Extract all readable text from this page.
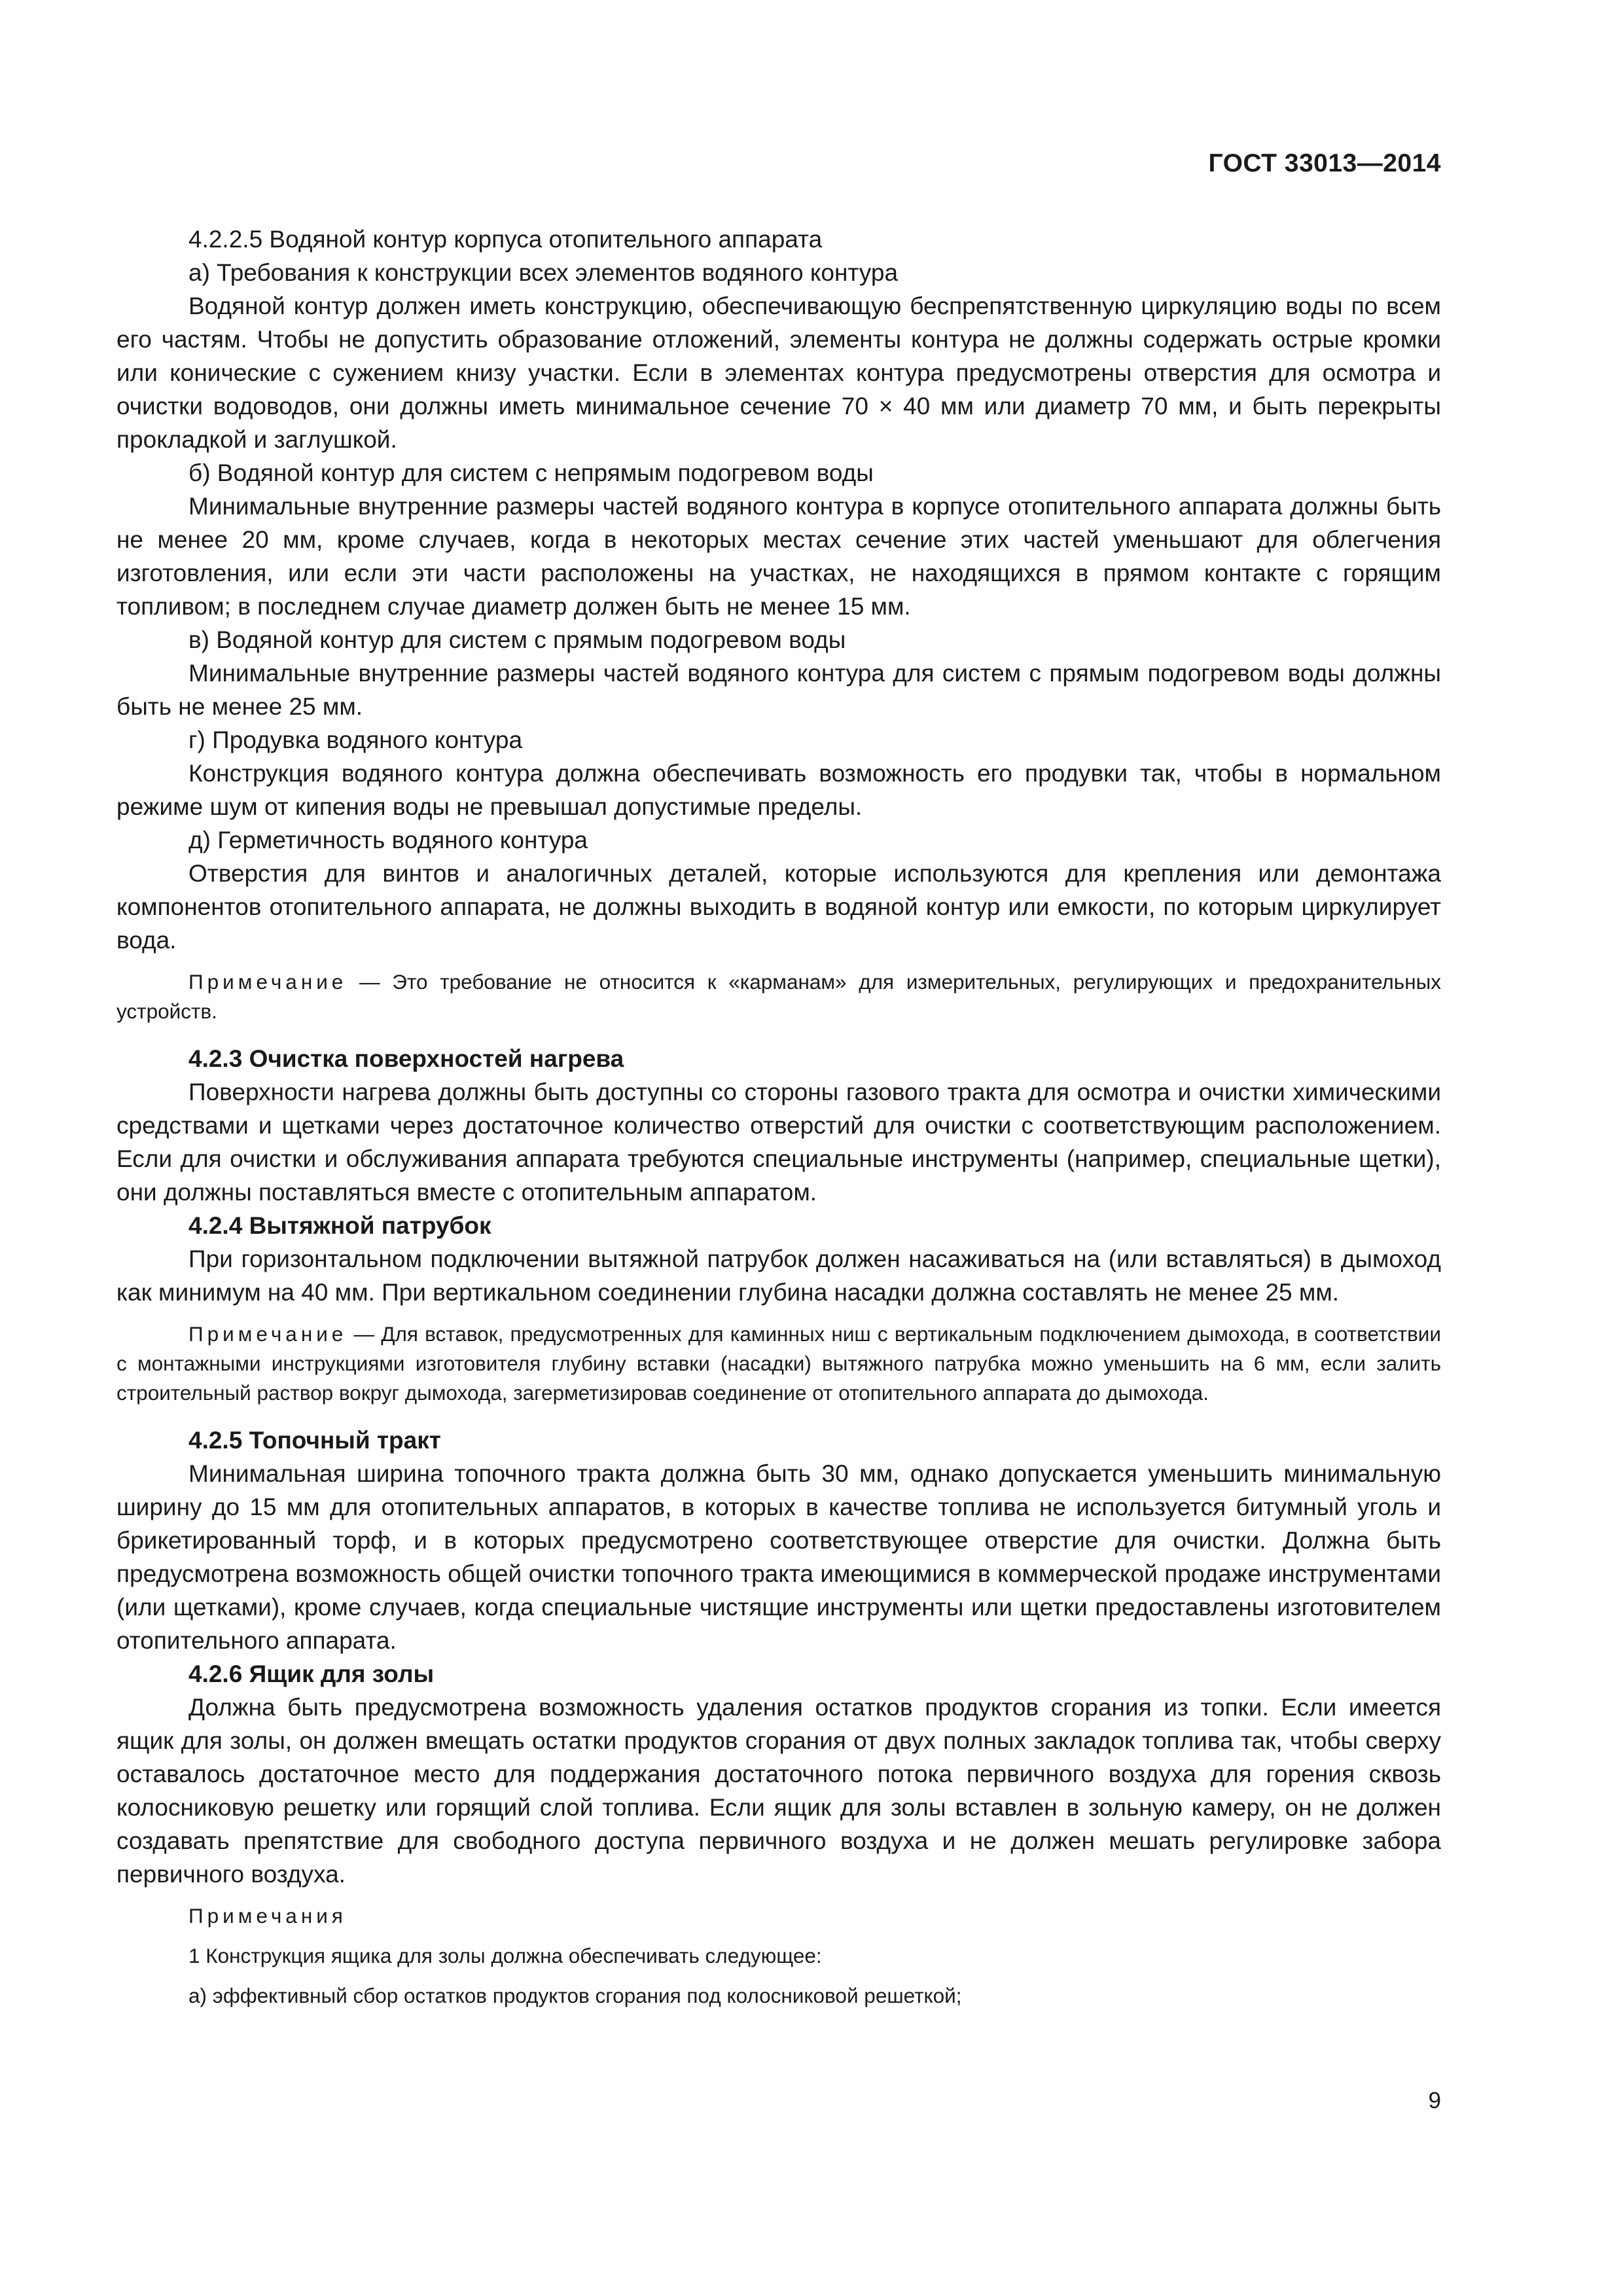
ГОСТ 33013—2014

4.2.2.5 Водяной контур корпуса отопительного аппарата

а) Требования к конструкции всех элементов водяного контура

Водяной контур должен иметь конструкцию, обеспечивающую беспрепятственную циркуляцию воды по всем его частям. Чтобы не допустить образование отложений, элементы контура не должны содержать острые кромки или конические с сужением книзу участки. Если в элементах контура предусмотрены отверстия для осмотра и очистки водоводов, они должны иметь минимальное сечение 70 × 40 мм или диаметр 70 мм, и быть перекрыты прокладкой и заглушкой.

б) Водяной контур для систем с непрямым подогревом воды

Минимальные внутренние размеры частей водяного контура в корпусе отопительного аппарата должны быть не менее 20 мм, кроме случаев, когда в некоторых местах сечение этих частей уменьшают для облегчения изготовления, или если эти части расположены на участках, не находящихся в прямом контакте с горящим топливом; в последнем случае диаметр должен быть не менее 15 мм.

в) Водяной контур для систем с прямым подогревом воды

Минимальные внутренние размеры частей водяного контура для систем с прямым подогревом воды должны быть не менее 25 мм.

г) Продувка водяного контура

Конструкция водяного контура должна обеспечивать возможность его продувки так, чтобы в нормальном режиме шум от кипения воды не превышал допустимые пределы.

д) Герметичность водяного контура

Отверстия для винтов и аналогичных деталей, которые используются для крепления или демонтажа компонентов отопительного аппарата, не должны выходить в водяной контур или емкости, по которым циркулирует вода.

Примечание — Это требование не относится к «карманам» для измерительных, регулирующих и предохранительных устройств.

4.2.3 Очистка поверхностей нагрева

Поверхности нагрева должны быть доступны со стороны газового тракта для осмотра и очистки химическими средствами и щетками через достаточное количество отверстий для очистки с соответствующим расположением. Если для очистки и обслуживания аппарата требуются специальные инструменты (например, специальные щетки), они должны поставляться вместе с отопительным аппаратом.

4.2.4 Вытяжной патрубок

При горизонтальном подключении вытяжной патрубок должен насаживаться на (или вставляться) в дымоход как минимум на 40 мм. При вертикальном соединении глубина насадки должна составлять не менее 25 мм.

Примечание — Для вставок, предусмотренных для каминных ниш с вертикальным подключением дымохода, в соответствии с монтажными инструкциями изготовителя глубину вставки (насадки) вытяжного патрубка можно уменьшить на 6 мм, если залить строительный раствор вокруг дымохода, загерметизировав соединение от отопительного аппарата до дымохода.

4.2.5 Топочный тракт

Минимальная ширина топочного тракта должна быть 30 мм, однако допускается уменьшить минимальную ширину до 15 мм для отопительных аппаратов, в которых в качестве топлива не используется битумный уголь и брикетированный торф, и в которых предусмотрено соответствующее отверстие для очистки. Должна быть предусмотрена возможность общей очистки топочного тракта имеющимися в коммерческой продаже инструментами (или щетками), кроме случаев, когда специальные чистящие инструменты или щетки предоставлены изготовителем отопительного аппарата.

4.2.6 Ящик для золы

Должна быть предусмотрена возможность удаления остатков продуктов сгорания из топки. Если имеется ящик для золы, он должен вмещать остатки продуктов сгорания от двух полных закладок топлива так, чтобы сверху оставалось достаточное место для поддержания достаточного потока первичного воздуха для горения сквозь колосниковую решетку или горящий слой топлива. Если ящик для золы вставлен в зольную камеру, он не должен создавать препятствие для свободного доступа первичного воздуха и не должен мешать регулировке забора первичного воздуха.

Примечания

1 Конструкция ящика для золы должна обеспечивать следующее:

а) эффективный сбор остатков продуктов сгорания под колосниковой решеткой;

9
